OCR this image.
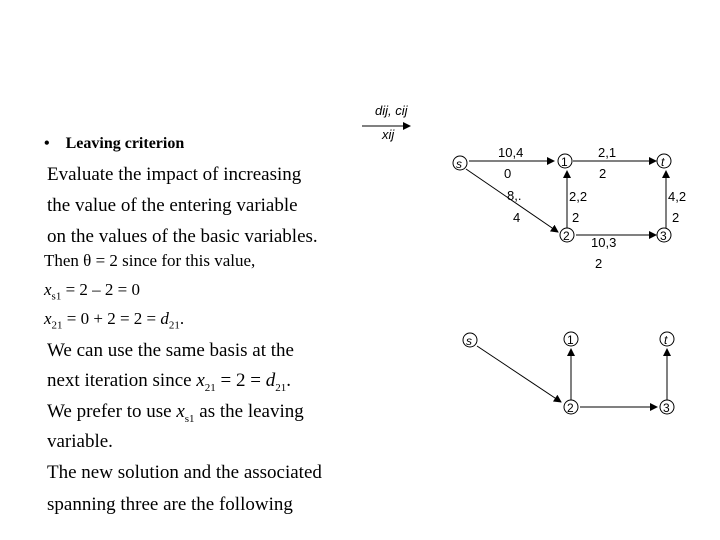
• Leaving criterion
Evaluate the impact of increasing
the value of the entering variable
on the values of the basic variables.
Then θ = 2 since for this value,
$x_{s1} = 2 - 2 = 0$
$x_{21} = 0 + 2 = 2 = d_{21}$.
We can use the same basis at the
next iteration since $x_{21} = 2 = d_{21}$.
We prefer to use $x_{s1}$ as the leaving
variable.
The new solution and the associated
spanning three are the following
dij, cij
xij
s	1	t
2	3
10,4
0
8,.
4
2,1
2
2,2
2
4,2
2
10,3
2
s	1	t
2	3
